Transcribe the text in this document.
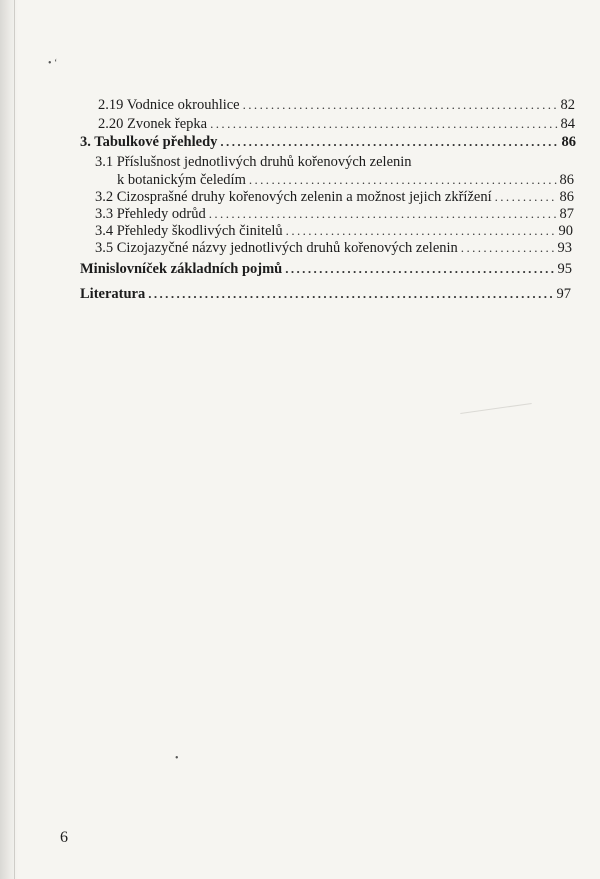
• ‘
2.19 Vodnice okrouhlice .....	82
2.20 Zvonek řepka .....	84
3. Tabulkové přehledy .....	86
3.1 Příslušnost jednotlivých druhů kořenových zelenin
k botanickým čeledím .....	86
3.2 Cizosprašné druhy kořenových zelenin a možnost jejich zkřížení .....	86
3.3 Přehledy odrůd .....	87
3.4 Přehledy škodlivých činitelů .....	90
3.5 Cizojazyčné názvy jednotlivých druhů kořenových zelenin .....	93
Minislovníček základních pojmů .....	95
Literatura .....	97
•
6
